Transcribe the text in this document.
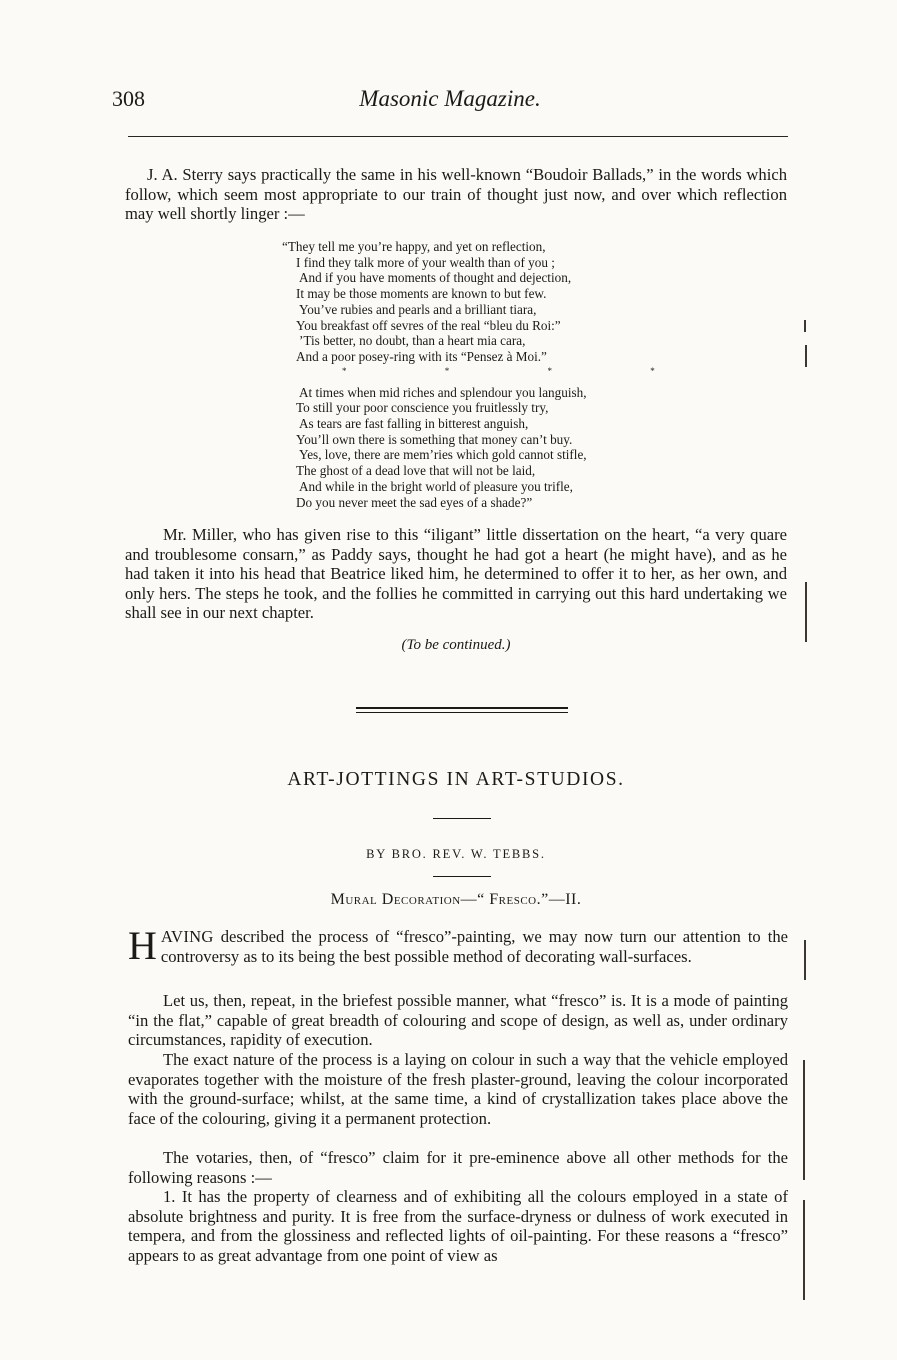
308	Masonic Magazine.

J. A. Sterry says practically the same in his well-known “Boudoir Ballads,” in the words which follow, which seem most appropriate to our train of thought just now, and over which reflection may well shortly linger :—

“They tell me you’re happy, and yet on reflection,
I find they talk more of your wealth than of you ;
And if you have moments of thought and dejection,
It may be those moments are known to but few.
You’ve rubies and pearls and a brilliant tiara,
You breakfast off sevres of the real “bleu du Roi:”
’Tis better, no doubt, than a heart mia cara,
And a poor posey-ring with its “Pensez à Moi.”
* * * *
At times when mid riches and splendour you languish,
To still your poor conscience you fruitlessly try,
As tears are fast falling in bitterest anguish,
You’ll own there is something that money can’t buy.
Yes, love, there are mem’ries which gold cannot stifle,
The ghost of a dead love that will not be laid,
And while in the bright world of pleasure you trifle,
Do you never meet the sad eyes of a shade?”

Mr. Miller, who has given rise to this “iligant” little dissertation on the heart, “a very quare and troublesome consarn,” as Paddy says, thought he had got a heart (he might have), and as he had taken it into his head that Beatrice liked him, he determined to offer it to her, as her own, and only hers. The steps he took, and the follies he committed in carrying out this hard undertaking we shall see in our next chapter.

(To be continued.)
ART-JOTTINGS IN ART-STUDIOS.
BY BRO. REV. W. TEBBS.
Mural Decoration—“ Fresco.”—II.

HAVING described the process of “fresco”-painting, we may now turn our attention to the controversy as to its being the best possible method of decorating wall-surfaces.

Let us, then, repeat, in the briefest possible manner, what “fresco” is. It is a mode of painting “in the flat,” capable of great breadth of colouring and scope of design, as well as, under ordinary circumstances, rapidity of execution.

The exact nature of the process is a laying on colour in such a way that the vehicle employed evaporates together with the moisture of the fresh plaster-ground, leaving the colour incorporated with the ground-surface; whilst, at the same time, a kind of crystallization takes place above the face of the colouring, giving it a permanent protection.

The votaries, then, of “fresco” claim for it pre-eminence above all other methods for the following reasons :—

1. It has the property of clearness and of exhibiting all the colours employed in a state of absolute brightness and purity. It is free from the surface-dryness or dulness of work executed in tempera, and from the glossiness and reflected lights of oil-painting. For these reasons a “fresco” appears to as great advantage from one point of view as
